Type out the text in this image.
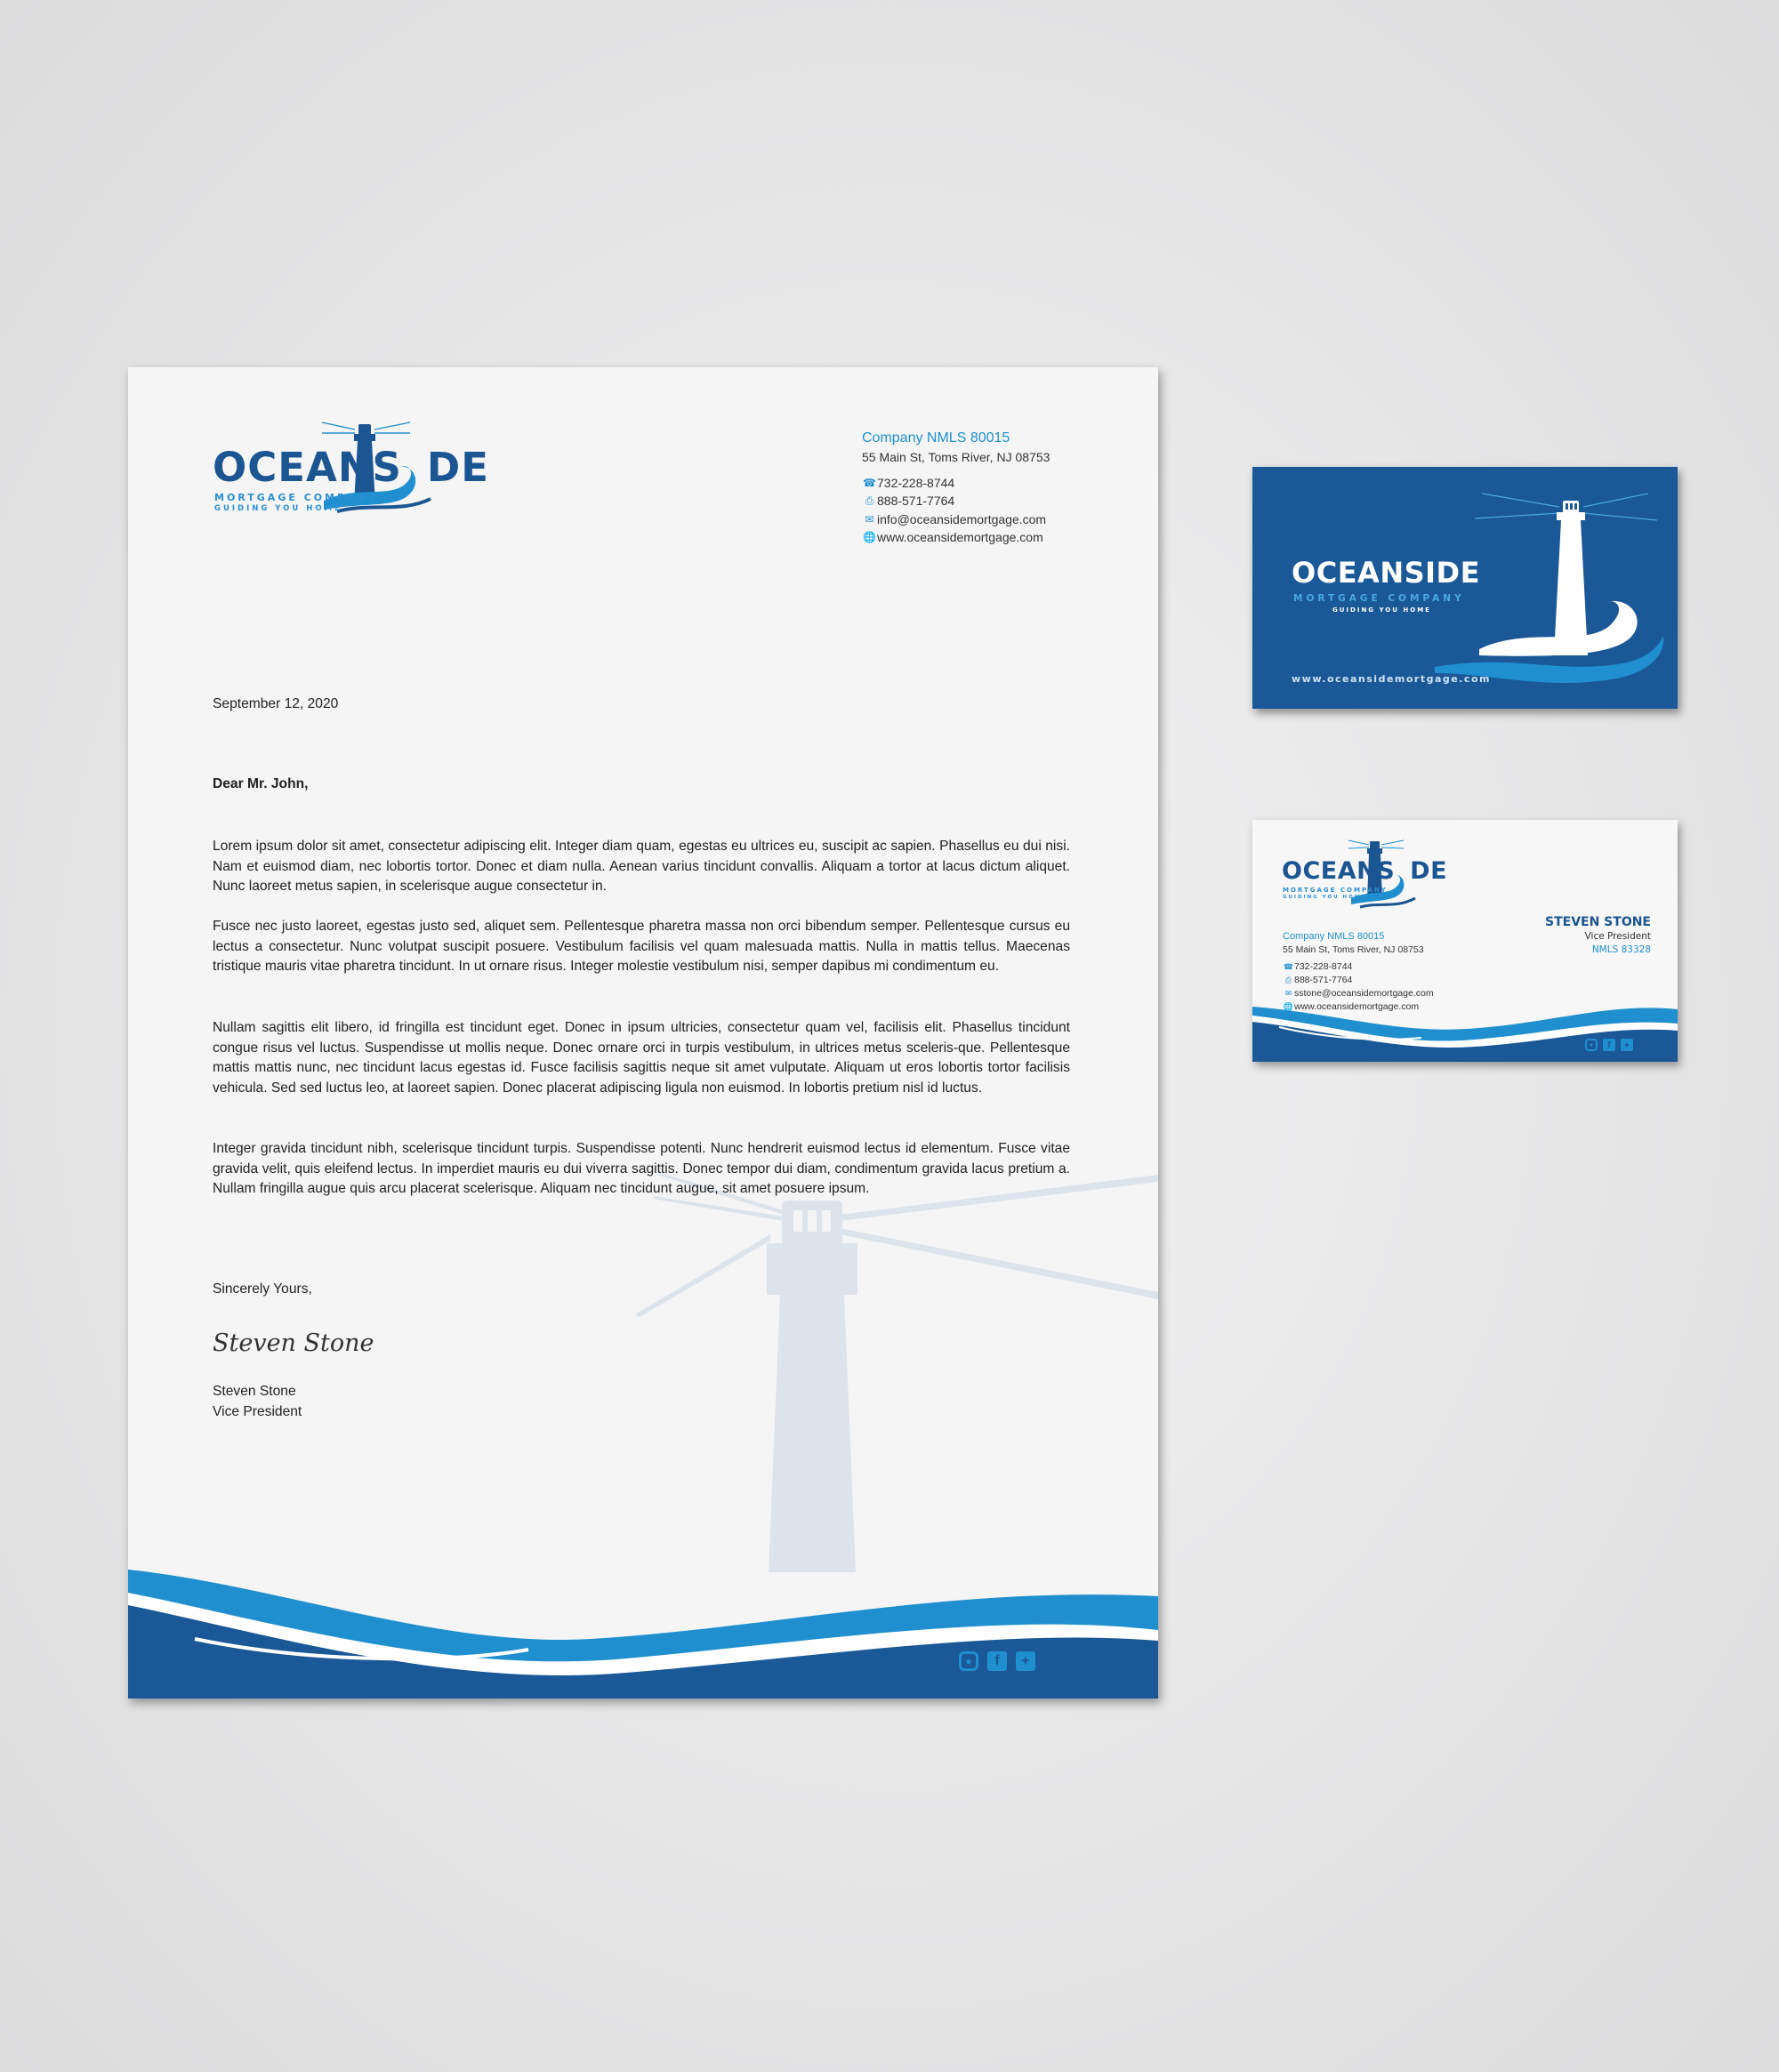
OCEANS DE
MORTGAGE COMPANY
GUIDING YOU HOME
Company NMLS 80015
55 Main St, Toms River, NJ 08753
☎ 732-228-8744
⎙ 888-571-7764
✉ info@oceansidemortgage.com
🌐 www.oceansidemortgage.com
September 12, 2020
Dear Mr. John,
Lorem ipsum dolor sit amet, consectetur adipiscing elit. Integer diam quam, egestas eu ultrices eu, suscipit ac sapien. Phasellus eu dui nisi. Nam et euismod diam, nec lobortis tortor. Donec et diam nulla. Aenean varius tincidunt convallis. Aliquam a tortor at lacus dictum aliquet. Nunc laoreet metus sapien, in scelerisque augue consectetur in.
Fusce nec justo laoreet, egestas justo sed, aliquet sem. Pellentesque pharetra massa non orci bibendum semper. Pellentesque cursus eu lectus a consectetur. Nunc volutpat suscipit posuere. Vestibulum facilisis vel quam malesuada mattis. Nulla in mattis tellus. Maecenas tristique mauris vitae pharetra tincidunt. In ut ornare risus. Integer molestie vestibulum nisi, semper dapibus mi condimentum eu.
Nullam sagittis elit libero, id fringilla est tincidunt eget. Donec in ipsum ultricies, consectetur quam vel, facilisis elit. Phasellus tincidunt congue risus vel luctus. Suspendisse ut mollis neque. Donec ornare orci in turpis vestibulum, in ultrices metus sceleris-que. Pellentesque mattis mattis nunc, nec tincidunt lacus egestas id. Fusce facilisis sagittis neque sit amet vulputate. Aliquam ut eros lobortis tortor facilisis vehicula. Sed sed luctus leo, at laoreet sapien. Donec placerat adipiscing ligula non euismod. In lobortis pretium nisl id luctus.
Integer gravida tincidunt nibh, scelerisque tincidunt turpis. Suspendisse potenti. Nunc hendrerit euismod lectus id elementum. Fusce vitae gravida velit, quis eleifend lectus. In imperdiet mauris eu dui viverra sagittis. Donec tempor dui diam, condimentum gravida lacus pretium a. Nullam fringilla augue quis arcu placerat scelerisque. Aliquam nec tincidunt augue, sit amet posuere ipsum.
Sincerely Yours,
Steven Stone
Steven Stone
Vice President
●	f	✦
OCEANSIDE
MORTGAGE COMPANY
GUIDING YOU HOME
www.oceansidemortgage.com
OCEANS DE
MORTGAGE COMPANY
GUIDING YOU HOME
STEVEN STONE
Vice President
NMLS 83328
Company NMLS 80015
55 Main St, Toms River, NJ 08753
☎ 732-228-8744
⎙ 888-571-7764
✉ sstone@oceansidemortgage.com
🌐 www.oceansidemortgage.com
●	f	✦
